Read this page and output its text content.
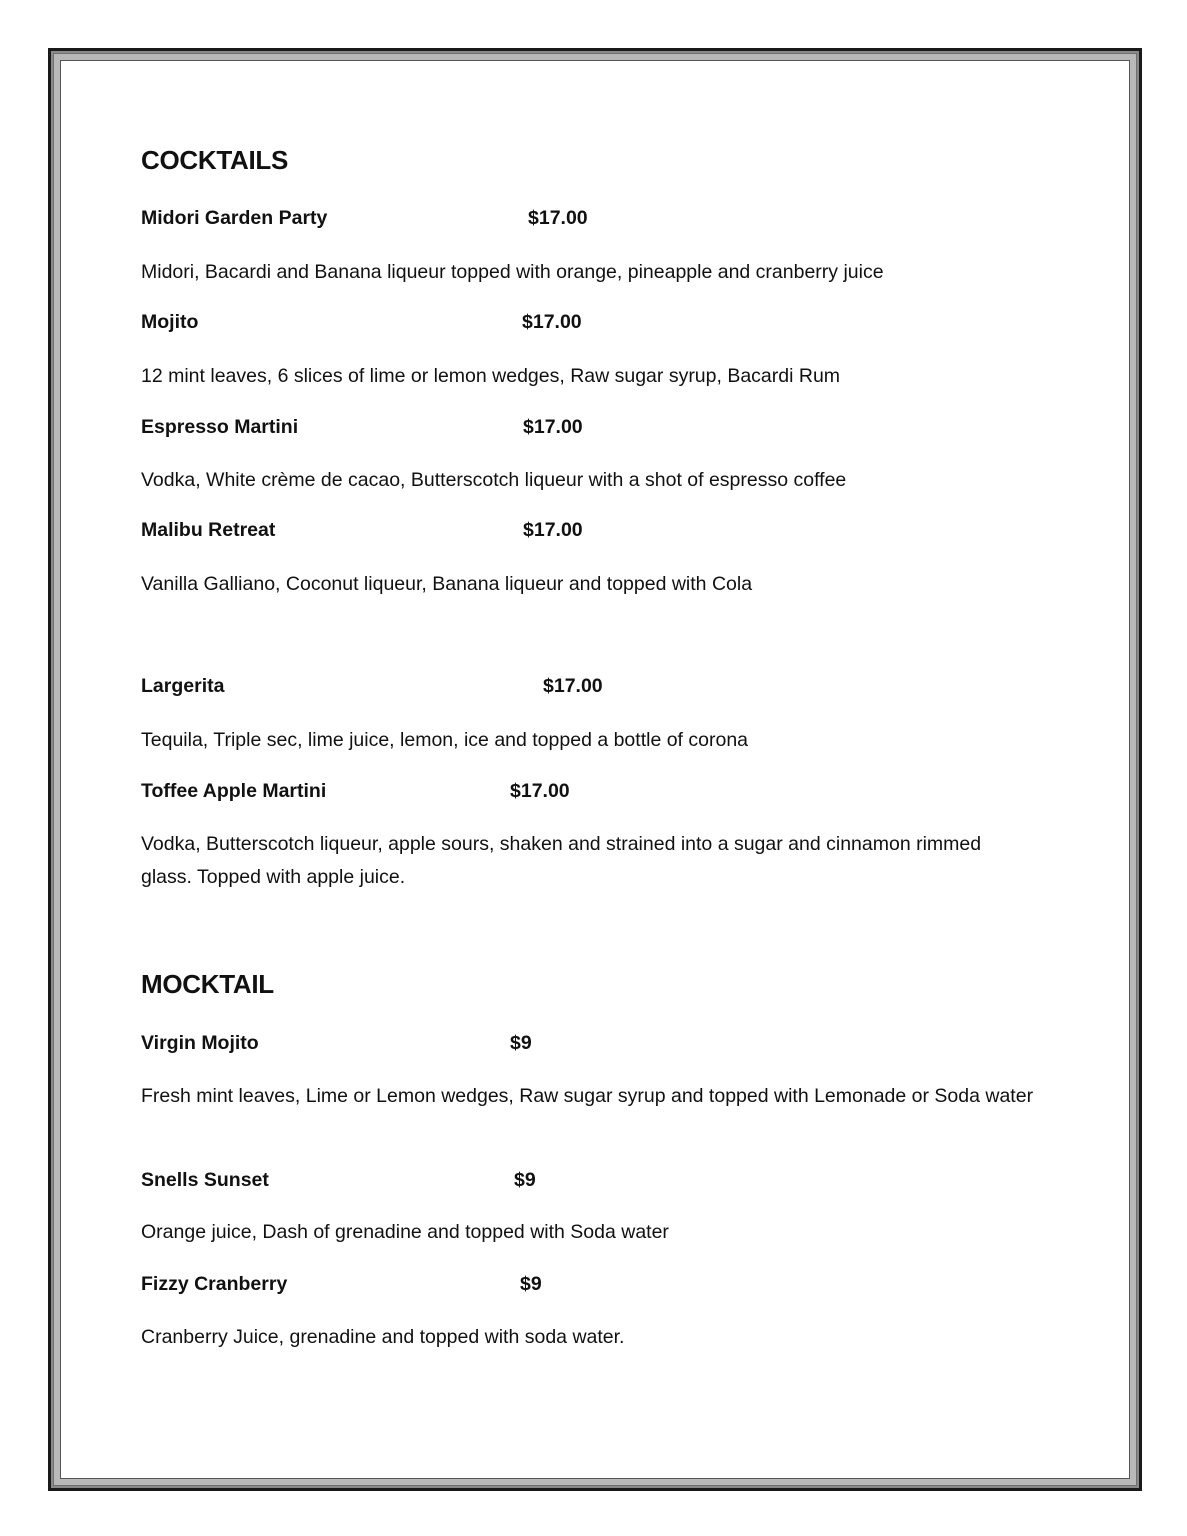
COCKTAILS
Midori Garden Party	$17.00

Midori, Bacardi and Banana liqueur topped with orange, pineapple and cranberry juice

Mojito	$17.00

12 mint leaves, 6 slices of lime or lemon wedges, Raw sugar syrup, Bacardi Rum

Espresso Martini	$17.00

Vodka, White crème de cacao, Butterscotch liqueur with a shot of espresso coffee

Malibu Retreat	$17.00

Vanilla Galliano, Coconut liqueur, Banana liqueur and topped with Cola

Largerita	$17.00

Tequila, Triple sec, lime juice, lemon, ice and topped a bottle of corona

Toffee Apple Martini	$17.00

Vodka, Butterscotch liqueur, apple sours, shaken and strained into a sugar and cinnamon rimmed glass. Topped with apple juice.

MOCKTAIL
Virgin Mojito	$9

Fresh mint leaves, Lime or Lemon wedges, Raw sugar syrup and topped with Lemonade or Soda water

Snells Sunset	$9

Orange juice, Dash of grenadine and topped with Soda water

Fizzy Cranberry	$9

Cranberry Juice, grenadine and topped with soda water.
